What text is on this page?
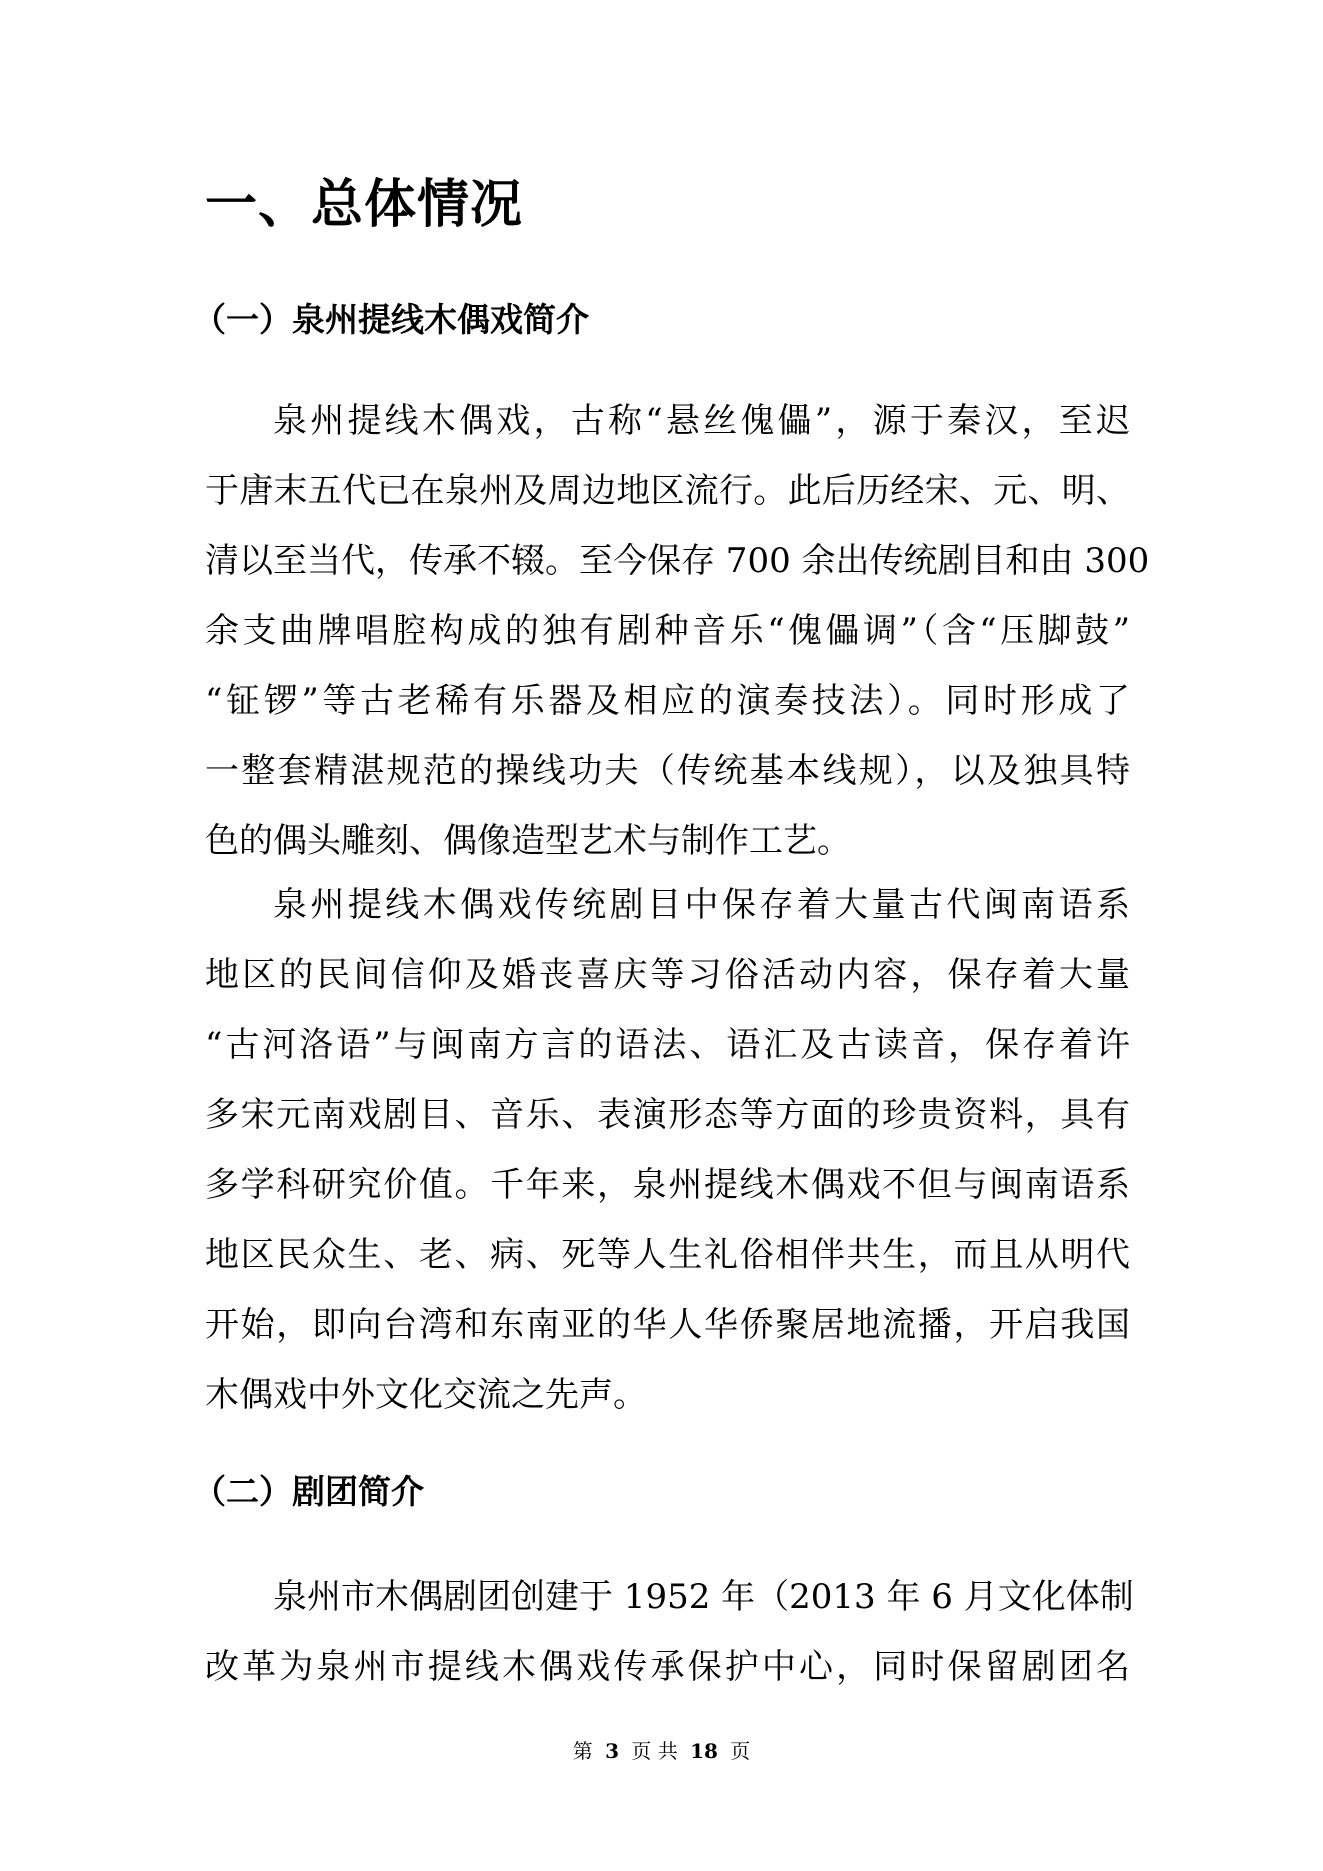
一、总体情况
（一）泉州提线木偶戏简介
泉州提线木偶戏，古称“悬丝傀儡”，源于秦汉，至迟
于唐末五代已在泉州及周边地区流行。此后历经宋、元、明、
清以至当代，传承不辍。至今保存 700 余出传统剧目和由 300
余支曲牌唱腔构成的独有剧种音乐“傀儡调”（含“压脚鼓”
“钲锣”等古老稀有乐器及相应的演奏技法）。同时形成了
一整套精湛规范的操线功夫（传统基本线规），以及独具特
色的偶头雕刻、偶像造型艺术与制作工艺。
泉州提线木偶戏传统剧目中保存着大量古代闽南语系
地区的民间信仰及婚丧喜庆等习俗活动内容，保存着大量
“古河洛语”与闽南方言的语法、语汇及古读音，保存着许
多宋元南戏剧目、音乐、表演形态等方面的珍贵资料，具有
多学科研究价值。千年来，泉州提线木偶戏不但与闽南语系
地区民众生、老、病、死等人生礼俗相伴共生，而且从明代
开始，即向台湾和东南亚的华人华侨聚居地流播，开启我国
木偶戏中外文化交流之先声。
（二）剧团简介
泉州市木偶剧团创建于 1952 年（2013 年 6 月文化体制
改革为泉州市提线木偶戏传承保护中心，同时保留剧团名
第 3 页 共 18 页
